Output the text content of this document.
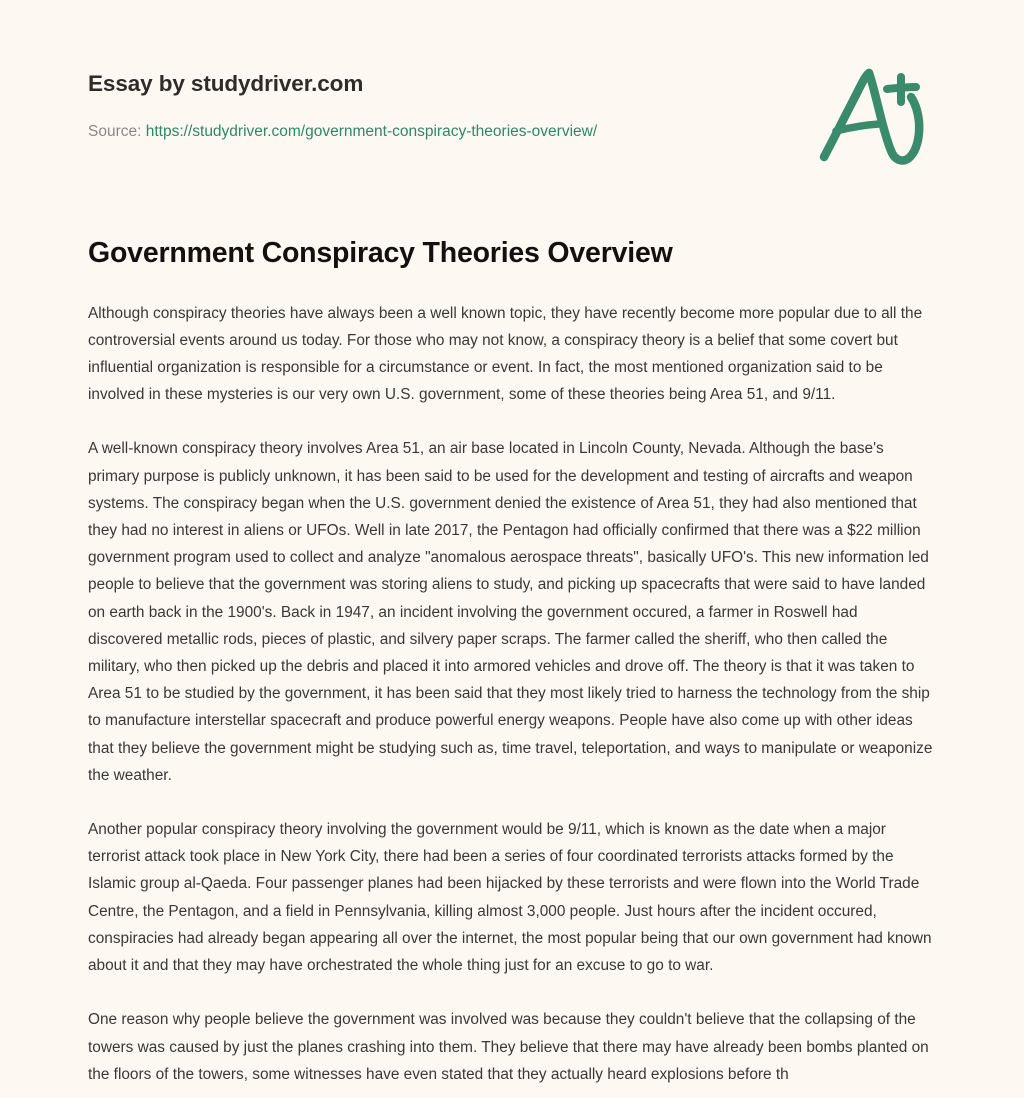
Essay by studydriver.com
Source: https://studydriver.com/government-conspiracy-theories-overview/
Government Conspiracy Theories Overview

Although conspiracy theories have always been a well known topic, they have recently become more popular due to all the controversial events around us today. For those who may not know, a conspiracy theory is a belief that some covert but influential organization is responsible for a circumstance or event. In fact, the most mentioned organization said to be involved in these mysteries is our very own U.S. government, some of these theories being Area 51, and 9/11.

A well-known conspiracy theory involves Area 51, an air base located in Lincoln County, Nevada. Although the base's primary purpose is publicly unknown, it has been said to be used for the development and testing of aircrafts and weapon systems. The conspiracy began when the U.S. government denied the existence of Area 51, they had also mentioned that they had no interest in aliens or UFOs. Well in late 2017, the Pentagon had officially confirmed that there was a $22 million government program used to collect and analyze "anomalous aerospace threats", basically UFO's. This new information led people to believe that the government was storing aliens to study, and picking up spacecrafts that were said to have landed on earth back in the 1900's. Back in 1947, an incident involving the government occured, a farmer in Roswell had discovered metallic rods, pieces of plastic, and silvery paper scraps. The farmer called the sheriff, who then called the military, who then picked up the debris and placed it into armored vehicles and drove off. The theory is that it was taken to Area 51 to be studied by the government, it has been said that they most likely tried to harness the technology from the ship to manufacture interstellar spacecraft and produce powerful energy weapons. People have also come up with other ideas that they believe the government might be studying such as, time travel, teleportation, and ways to manipulate or weaponize the weather.

Another popular conspiracy theory involving the government would be 9/11, which is known as the date when a major terrorist attack took place in New York City, there had been a series of four coordinated terrorists attacks formed by the Islamic group al-Qaeda. Four passenger planes had been hijacked by these terrorists and were flown into the World Trade Centre, the Pentagon, and a field in Pennsylvania, killing almost 3,000 people. Just hours after the incident occured, conspiracies had already began appearing all over the internet, the most popular being that our own government had known about it and that they may have orchestrated the whole thing just for an excuse to go to war.

One reason why people believe the government was involved was because they couldn't believe that the collapsing of the towers was caused by just the planes crashing into them. They believe that there may have already been bombs planted on the floors of the towers, some witnesses have even stated that they actually heard explosions before th
